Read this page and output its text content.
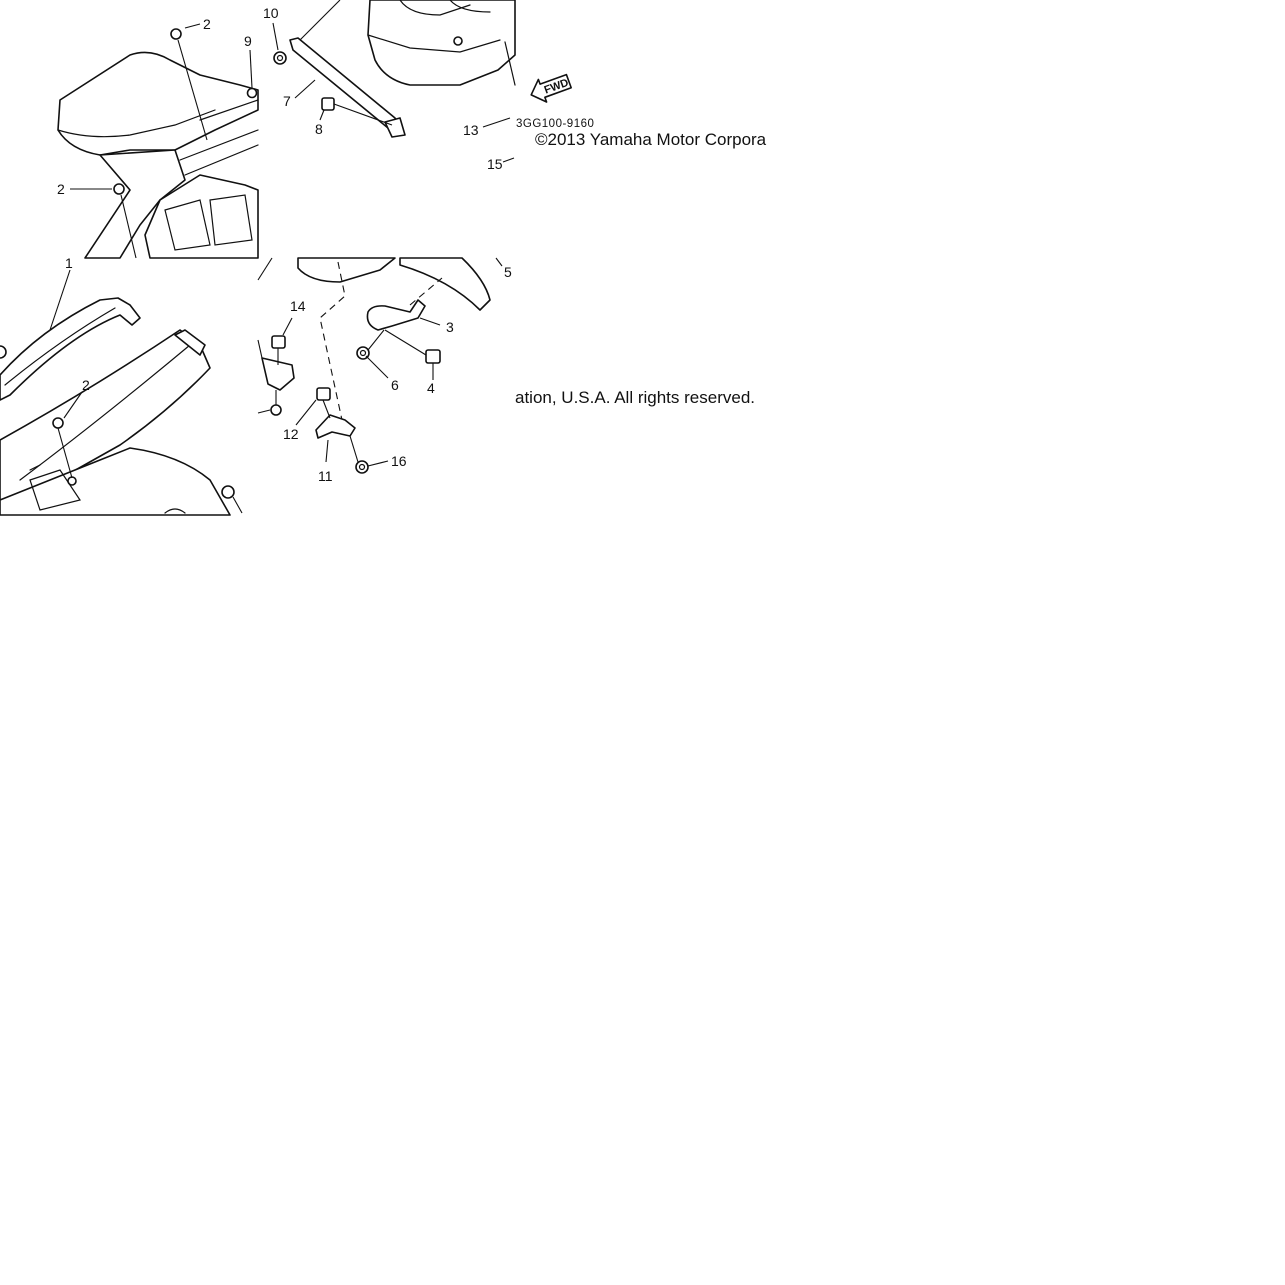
2
2
9
10
7
8	13
15
FWD
3GG100-9160
1
2
5
3
6 4
14
12
11
16

©2013 Yamaha Motor Corpora

ation, U.S.A. All rights reserved.
